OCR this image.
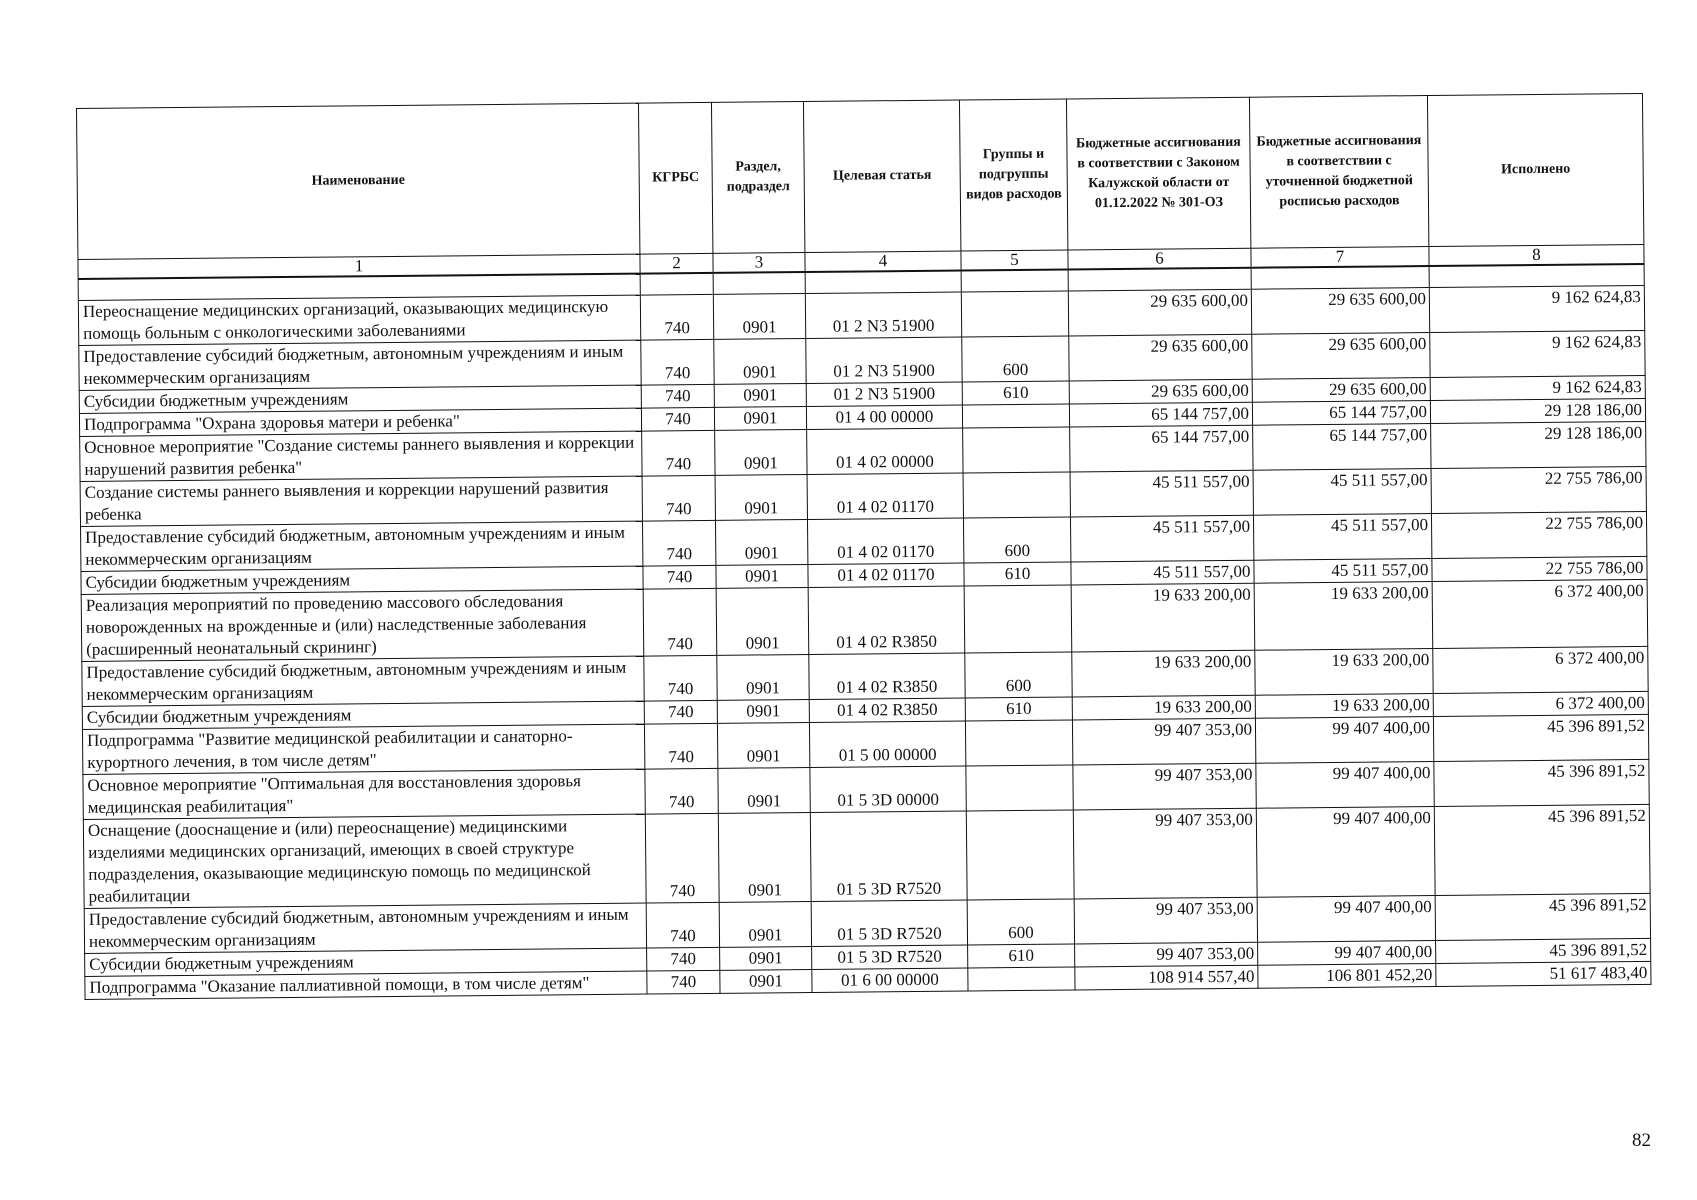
Наименование	КГРБС	Раздел, подраздел	Целевая статья	Группы и подгруппы видов расходов	Бюджетные ассигнования в соответствии с Законом Калужской области от 01.12.2022 № 301-ОЗ	Бюджетные ассигнования в соответствии с уточненной бюджетной росписью расходов	Исполнено
1	2	3	4	5	6	7	8

Переоснащение медицинских организаций, оказывающих медицинскую помощь больным с онкологическими заболеваниями	740	0901	01 2 N3 51900		29 635 600,00	29 635 600,00	9 162 624,83
Предоставление субсидий бюджетным, автономным учреждениям и иным некоммерческим организациям	740	0901	01 2 N3 51900	600	29 635 600,00	29 635 600,00	9 162 624,83
Субсидии бюджетным учреждениям	740	0901	01 2 N3 51900	610	29 635 600,00	29 635 600,00	9 162 624,83
Подпрограмма "Охрана здоровья матери и ребенка"	740	0901	01 4 00 00000		65 144 757,00	65 144 757,00	29 128 186,00
Основное мероприятие "Создание системы раннего выявления и коррекции нарушений развития ребенка"	740	0901	01 4 02 00000		65 144 757,00	65 144 757,00	29 128 186,00
Создание системы раннего выявления и коррекции нарушений развития ребенка	740	0901	01 4 02 01170		45 511 557,00	45 511 557,00	22 755 786,00
Предоставление субсидий бюджетным, автономным учреждениям и иным некоммерческим организациям	740	0901	01 4 02 01170	600	45 511 557,00	45 511 557,00	22 755 786,00
Субсидии бюджетным учреждениям	740	0901	01 4 02 01170	610	45 511 557,00	45 511 557,00	22 755 786,00
Реализация мероприятий по проведению массового обследования новорожденных на врожденные и (или) наследственные заболевания (расширенный неонатальный скрининг)	740	0901	01 4 02 R3850		19 633 200,00	19 633 200,00	6 372 400,00
Предоставление субсидий бюджетным, автономным учреждениям и иным некоммерческим организациям	740	0901	01 4 02 R3850	600	19 633 200,00	19 633 200,00	6 372 400,00
Субсидии бюджетным учреждениям	740	0901	01 4 02 R3850	610	19 633 200,00	19 633 200,00	6 372 400,00
Подпрограмма "Развитие медицинской реабилитации и санаторно-курортного лечения, в том числе детям"	740	0901	01 5 00 00000		99 407 353,00	99 407 400,00	45 396 891,52
Основное мероприятие "Оптимальная для восстановления здоровья медицинская реабилитация"	740	0901	01 5 3D 00000		99 407 353,00	99 407 400,00	45 396 891,52
Оснащение (дооснащение и (или) переоснащение) медицинскими изделиями медицинских организаций, имеющих в своей структуре подразделения, оказывающие медицинскую помощь по медицинской реабилитации	740	0901	01 5 3D R7520		99 407 353,00	99 407 400,00	45 396 891,52
Предоставление субсидий бюджетным, автономным учреждениям и иным некоммерческим организациям	740	0901	01 5 3D R7520	600	99 407 353,00	99 407 400,00	45 396 891,52
Субсидии бюджетным учреждениям	740	0901	01 5 3D R7520	610	99 407 353,00	99 407 400,00	45 396 891,52
Подпрограмма "Оказание паллиативной помощи, в том числе детям"	740	0901	01 6 00 00000		108 914 557,40	106 801 452,20	51 617 483,40
82
